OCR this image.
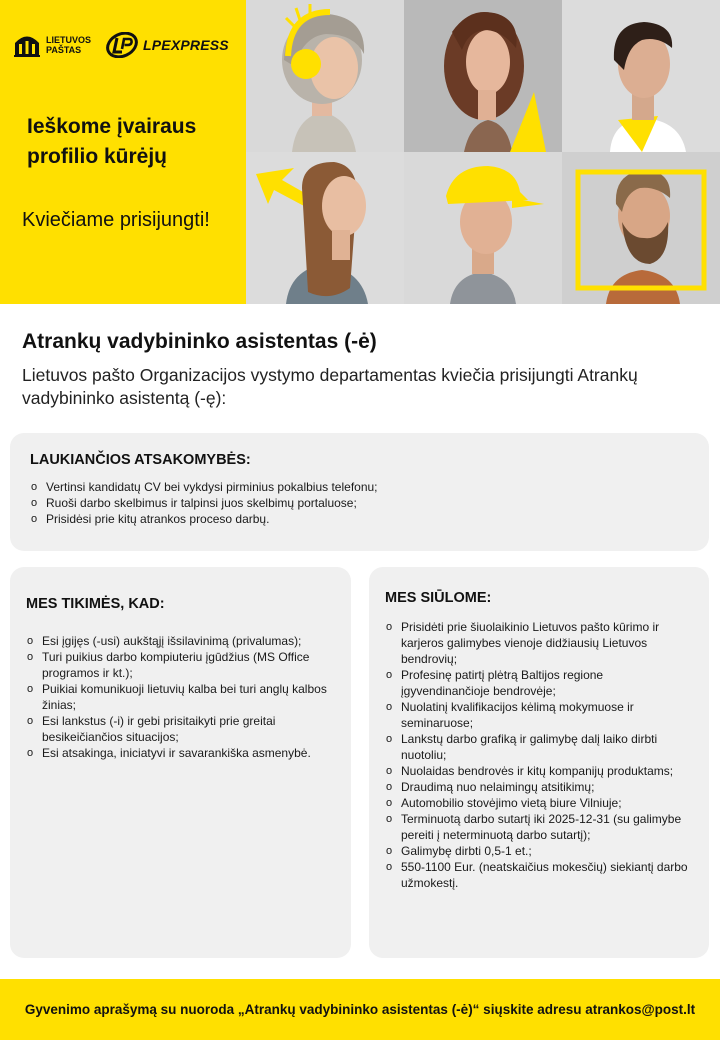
LIETUVOS
PAŠTAS	LPEXPRESS
Ieškome įvairaus profilio kūrėjų
Kviečiame prisijungti!
Atrankų vadybininko asistentas (-ė)
Lietuvos pašto Organizacijos vystymo departamentas kviečia prisijungti Atrankų vadybininko asistentą (-ę):
LAUKIANČIOS ATSAKOMYBĖS:
o Vertinsi kandidatų CV bei vykdysi pirminius pokalbius telefonu;
o Ruoši darbo skelbimus ir talpinsi juos skelbimų portaluose;
o Prisidėsi prie kitų atrankos proceso darbų.
MES TIKIMĖS, KAD:
o Esi įgijęs (-usi) aukštąjį išsilavinimą (privalumas);
o Turi puikius darbo kompiuteriu įgūdžius (MS Office programos ir kt.);
o Puikiai komunikuoji lietuvių kalba bei turi anglų kalbos žinias;
o Esi lankstus (-i) ir gebi prisitaikyti prie greitai besikeičiančios situacijos;
o Esi atsakinga, iniciatyvi ir savarankiška asmenybė.
MES SIŪLOME:
o Prisidėti prie šiuolaikinio Lietuvos pašto kūrimo ir karjeros galimybes vienoje didžiausių Lietuvos bendrovių;
o Profesinę patirtį plėtrą Baltijos regione įgyvendinančioje bendrovėje;
o Nuolatinį kvalifikacijos kėlimą mokymuose ir seminaruose;
o Lankstų darbo grafiką ir galimybę dalį laiko dirbti nuotoliu;
o Nuolaidas bendrovės ir kitų kompanijų produktams;
o Draudimą nuo nelaimingų atsitikimų;
o Automobilio stovėjimo vietą biure Vilniuje;
o Terminuotą darbo sutartį iki 2025-12-31 (su galimybe pereiti į neterminuotą darbo sutartį);
o Galimybę dirbti 0,5-1 et.;
o 550-1100 Eur. (neatskaičius mokesčių) siekiantį darbo užmokestį.
Gyvenimo aprašymą su nuoroda „Atrankų vadybininko asistentas (-ė)“ siųskite adresu atrankos@post.lt
